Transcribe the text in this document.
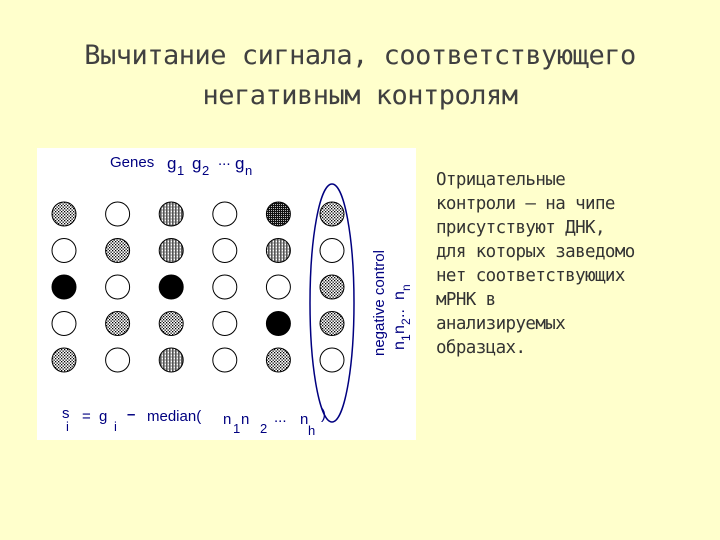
Вычитание сигнала, соответствующего
негативным контролям
Genes g 1 g 2
... g n
s
i
= g
i
– median( n
1
n
2
... n
h
)
negative control n
1
n
2
..
n
n
Отрицательные
контроли – на чипе
присутствуют ДНК,
для которых заведомо
нет соответствующих
мРНК в
анализируемых
образцах.
